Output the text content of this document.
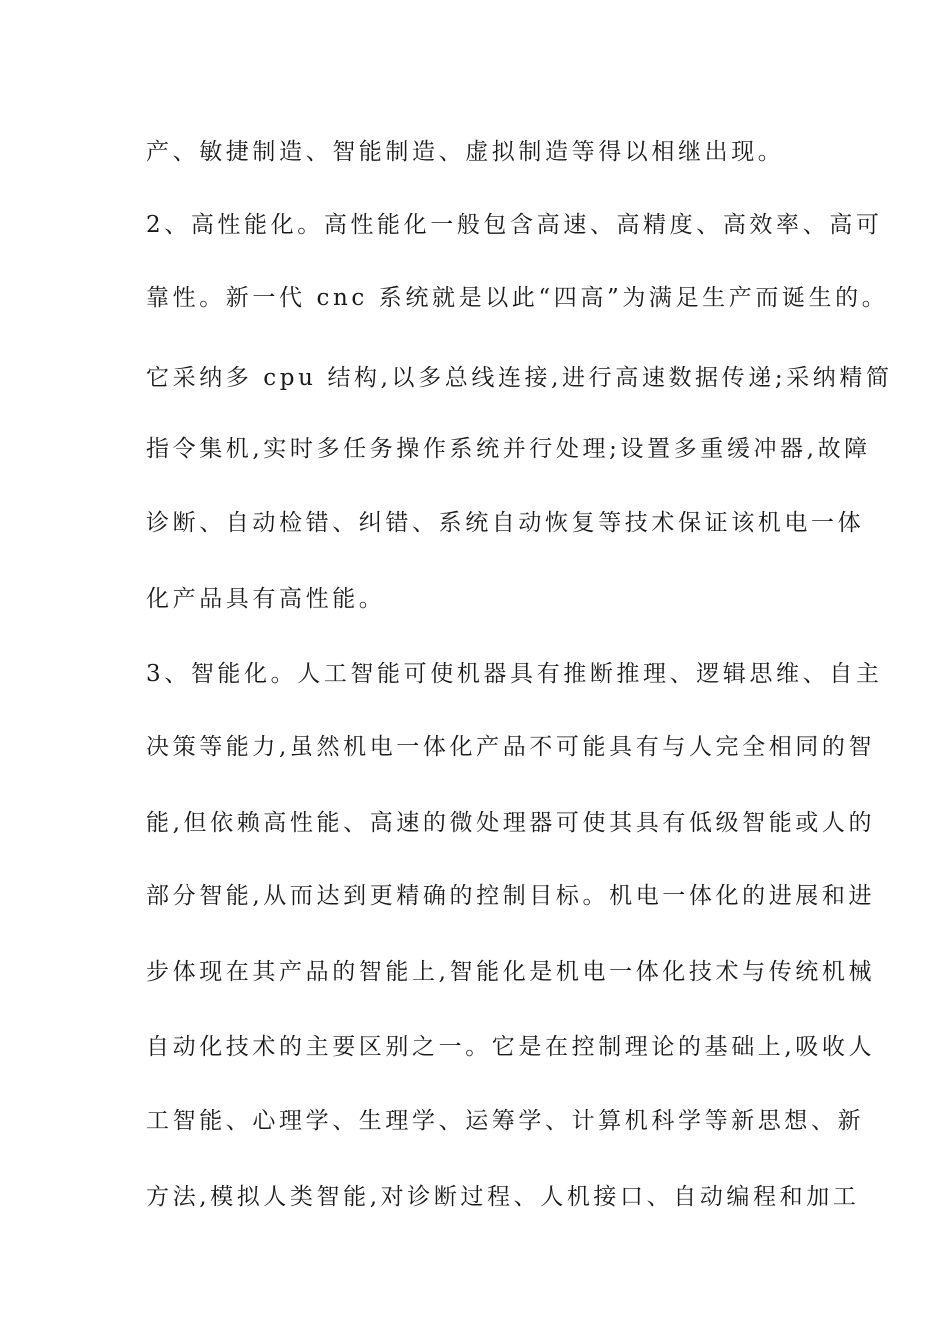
产、敏捷制造、智能制造、虚拟制造等得以相继出现。
2、高性能化。高性能化一般包含高速、高精度、高效率、高可
靠性。新一代 cnc 系统就是以此“四高”为满足生产而诞生的。
它采纳多 cpu 结构,以多总线连接,进行高速数据传递;采纳精简
指令集机,实时多任务操作系统并行处理;设置多重缓冲器,故障
诊断、自动检错、纠错、系统自动恢复等技术保证该机电一体
化产品具有高性能。
3、智能化。人工智能可使机器具有推断推理、逻辑思维、自主
决策等能力,虽然机电一体化产品不可能具有与人完全相同的智
能,但依赖高性能、高速的微处理器可使其具有低级智能或人的
部分智能,从而达到更精确的控制目标。机电一体化的进展和进
步体现在其产品的智能上,智能化是机电一体化技术与传统机械
自动化技术的主要区别之一。它是在控制理论的基础上,吸收人
工智能、心理学、生理学、运筹学、计算机科学等新思想、新
方法,模拟人类智能,对诊断过程、人机接口、自动编程和加工
